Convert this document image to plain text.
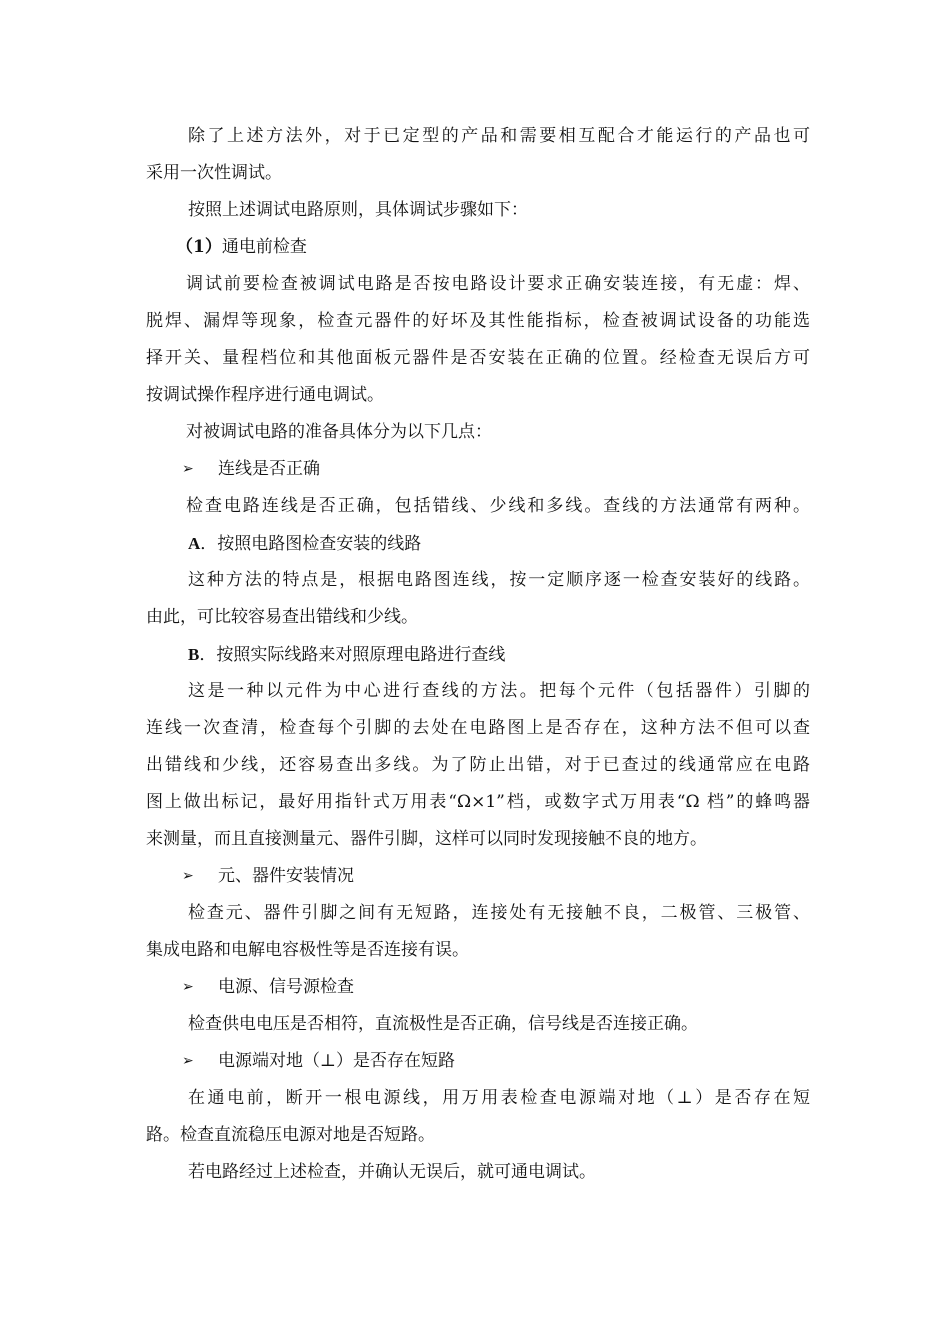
除了上述方法外，对于已定型的产品和需要相互配合才能运行的产品也可
采用一次性调试。
按照上述调试电路原则，具体调试步骤如下：
（1）通电前检查
调试前要检查被调试电路是否按电路设计要求正确安装连接，有无虚：焊、
脱焊、漏焊等现象，检查元器件的好坏及其性能指标，检查被调试设备的功能选
择开关、量程档位和其他面板元器件是否安装在正确的位置。经检查无误后方可
按调试操作程序进行通电调试。
对被调试电路的准备具体分为以下几点：
➢ 连线是否正确
检查电路连线是否正确，包括错线、少线和多线。查线的方法通常有两种。
A．按照电路图检查安装的线路
这种方法的特点是，根据电路图连线，按一定顺序逐一检查安装好的线路。
由此，可比较容易查出错线和少线。
B．按照实际线路来对照原理电路进行查线
这是一种以元件为中心进行查线的方法。把每个元件（包括器件）引脚的
连线一次查清，检查每个引脚的去处在电路图上是否存在，这种方法不但可以查
出错线和少线，还容易查出多线。为了防止出错，对于已查过的线通常应在电路
图上做出标记，最好用指针式万用表“Ω×1”档，或数字式万用表“Ω 档”的蜂鸣器
来测量，而且直接测量元、器件引脚，这样可以同时发现接触不良的地方。
➢ 元、器件安装情况
检查元、器件引脚之间有无短路，连接处有无接触不良，二极管、三极管、
集成电路和电解电容极性等是否连接有误。
➢ 电源、信号源检查
检查供电电压是否相符，直流极性是否正确，信号线是否连接正确。
➢ 电源端对地（⊥）是否存在短路
在通电前，断开一根电源线，用万用表检查电源端对地（⊥）是否存在短
路。检查直流稳压电源对地是否短路。
若电路经过上述检查，并确认无误后，就可通电调试。
